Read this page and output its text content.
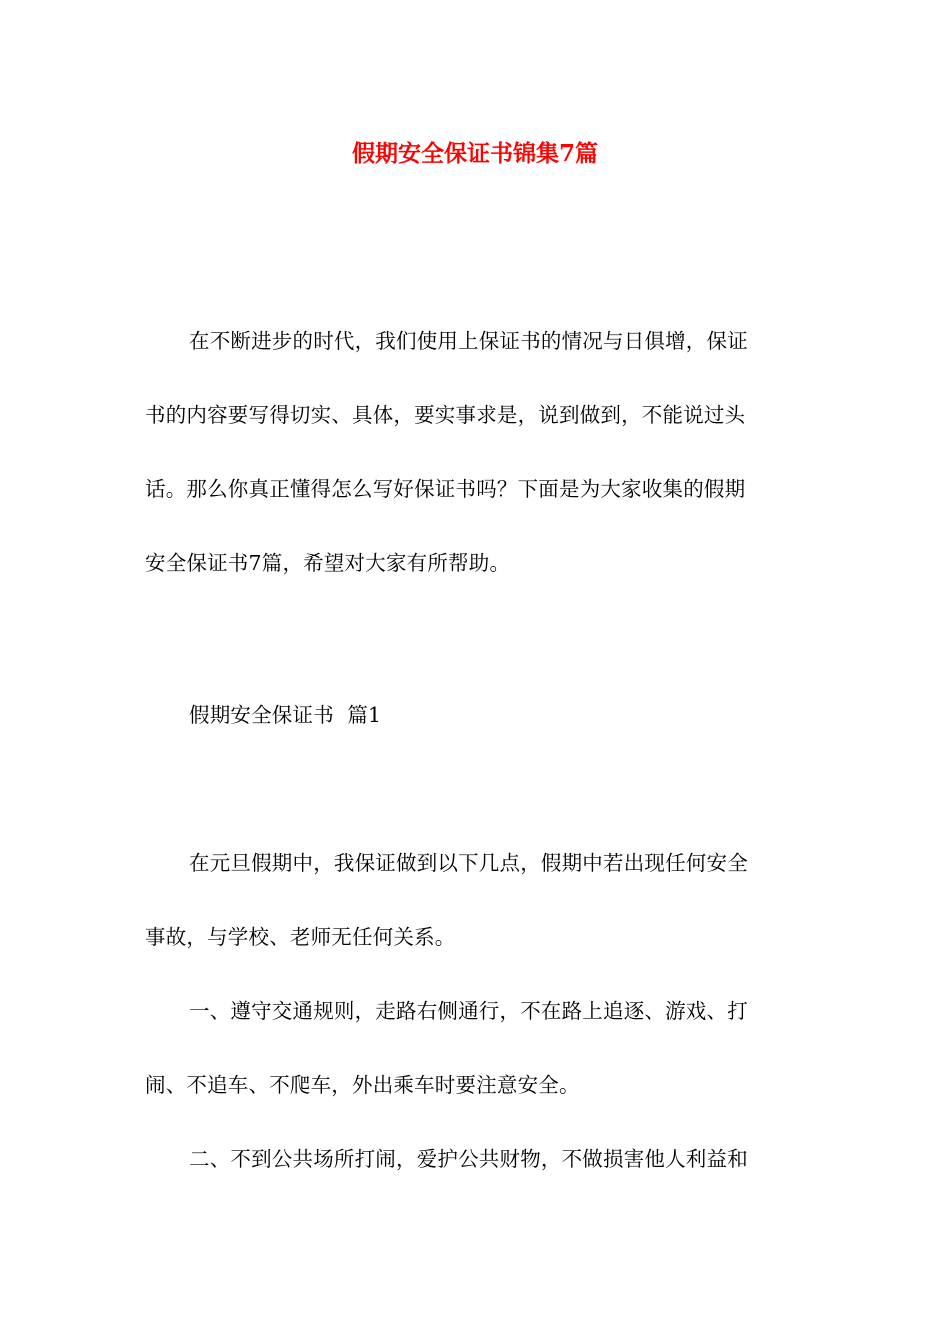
假期安全保证书锦集7篇
在不断进步的时代，我们使用上保证书的情况与日俱增，保证
书的内容要写得切实、具体，要实事求是，说到做到，不能说过头
话。那么你真正懂得怎么写好保证书吗？下面是为大家收集的假期
安全保证书7篇，希望对大家有所帮助。
假期安全保证书  篇1
在元旦假期中，我保证做到以下几点，假期中若出现任何安全
事故，与学校、老师无任何关系。
一、遵守交通规则，走路右侧通行，不在路上追逐、游戏、打
闹、不追车、不爬车，外出乘车时要注意安全。
二、不到公共场所打闹，爱护公共财物，不做损害他人利益和
